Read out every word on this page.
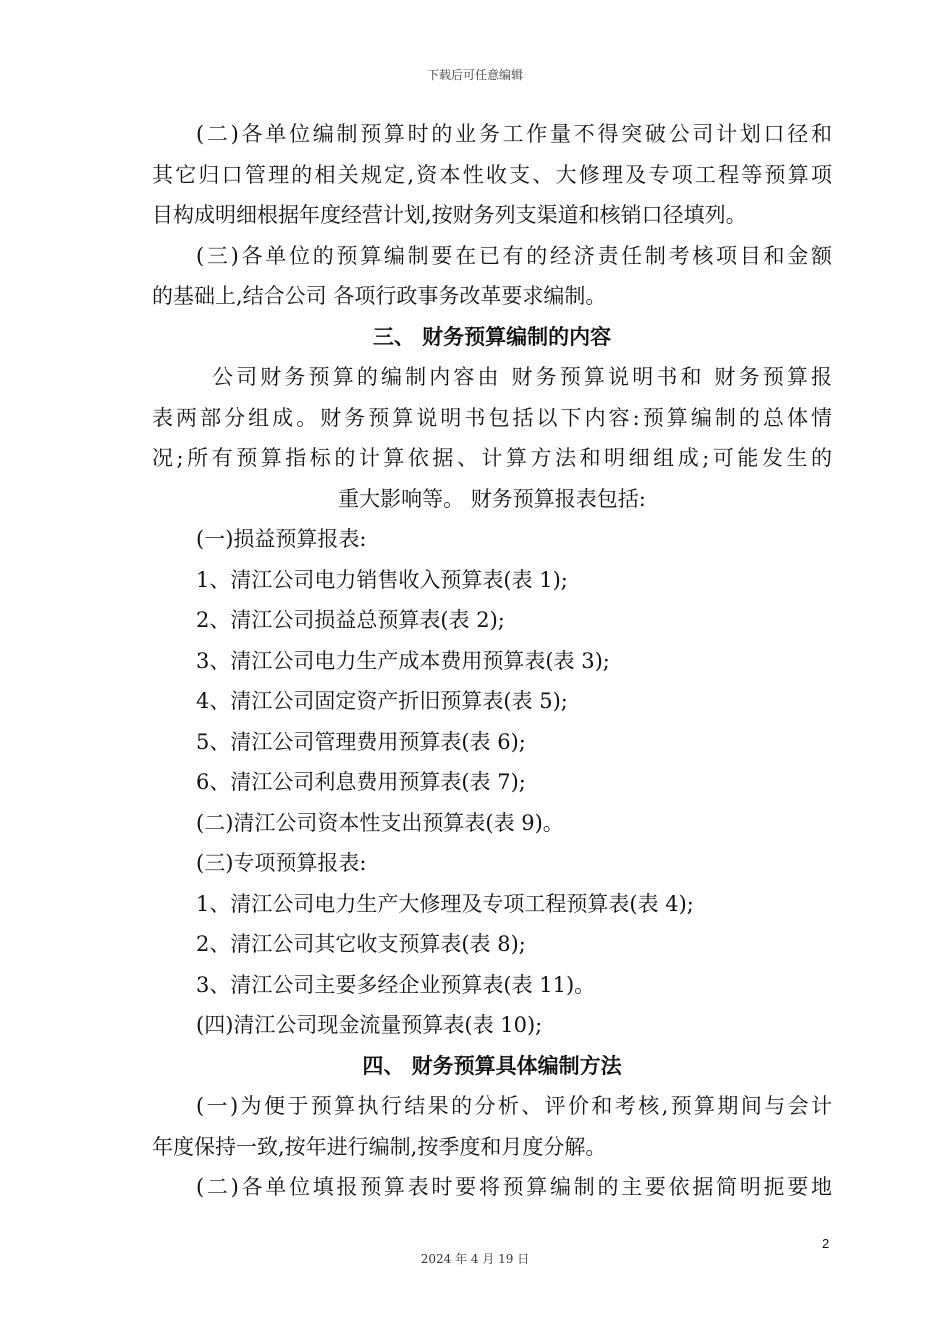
下载后可任意编辑
(二)各单位编制预算时的业务工作量不得突破公司计划口径和
其它归口管理的相关规定,资本性收支、大修理及专项工程等预算项
目构成明细根据年度经营计划,按财务列支渠道和核销口径填列。
(三)各单位的预算编制要在已有的经济责任制考核项目和金额
的基础上,结合公司 各项行政事务改革要求编制。
三、 财务预算编制的内容
公司财务预算的编制内容由 财务预算说明书和 财务预算报
表两部分组成。财务预算说明书包括以下内容:预算编制的总体情
况;所有预算指标的计算依据、计算方法和明细组成;可能发生的
重大影响等。 财务预算报表包括:
(一)损益预算报表:
1、清江公司电力销售收入预算表(表 1);
2、清江公司损益总预算表(表 2);
3、清江公司电力生产成本费用预算表(表 3);
4、清江公司固定资产折旧预算表(表 5);
5、清江公司管理费用预算表(表 6);
6、清江公司利息费用预算表(表 7);
(二)清江公司资本性支出预算表(表 9)。
(三)专项预算报表:
1、清江公司电力生产大修理及专项工程预算表(表 4);
2、清江公司其它收支预算表(表 8);
3、清江公司主要多经企业预算表(表 11)。
(四)清江公司现金流量预算表(表 10);
四、 财务预算具体编制方法
(一)为便于预算执行结果的分析、评价和考核,预算期间与会计
年度保持一致,按年进行编制,按季度和月度分解。
(二)各单位填报预算表时要将预算编制的主要依据简明扼要地
2
2024 年 4 月 19 日
